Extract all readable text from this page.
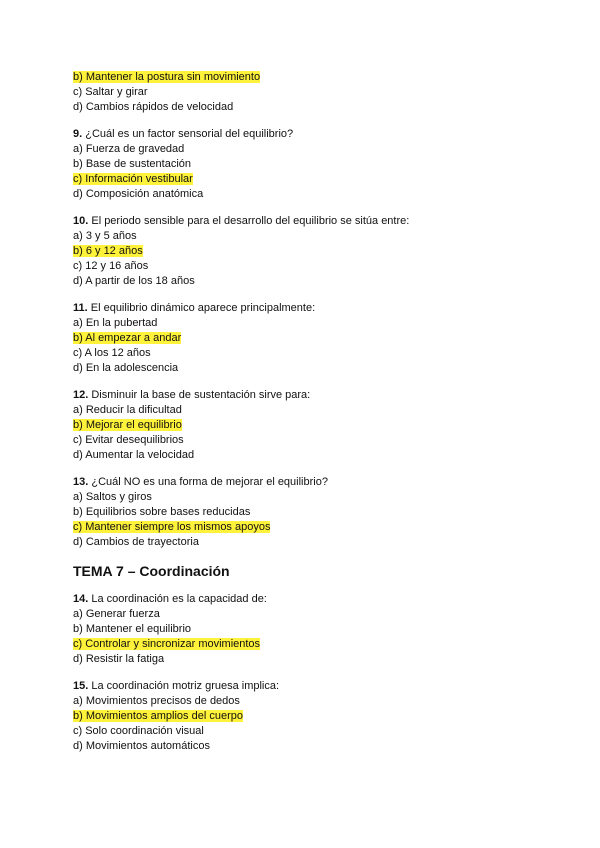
b) Mantener la postura sin movimiento
c) Saltar y girar
d) Cambios rápidos de velocidad
9. ¿Cuál es un factor sensorial del equilibrio?
a) Fuerza de gravedad
b) Base de sustentación
c) Información vestibular
d) Composición anatómica
10. El periodo sensible para el desarrollo del equilibrio se sitúa entre:
a) 3 y 5 años
b) 6 y 12 años
c) 12 y 16 años
d) A partir de los 18 años
11. El equilibrio dinámico aparece principalmente:
a) En la pubertad
b) Al empezar a andar
c) A los 12 años
d) En la adolescencia
12. Disminuir la base de sustentación sirve para:
a) Reducir la dificultad
b) Mejorar el equilibrio
c) Evitar desequilibrios
d) Aumentar la velocidad
13. ¿Cuál NO es una forma de mejorar el equilibrio?
a) Saltos y giros
b) Equilibrios sobre bases reducidas
c) Mantener siempre los mismos apoyos
d) Cambios de trayectoria
TEMA 7 – Coordinación
14. La coordinación es la capacidad de:
a) Generar fuerza
b) Mantener el equilibrio
c) Controlar y sincronizar movimientos
d) Resistir la fatiga
15. La coordinación motriz gruesa implica:
a) Movimientos precisos de dedos
b) Movimientos amplios del cuerpo
c) Solo coordinación visual
d) Movimientos automáticos
